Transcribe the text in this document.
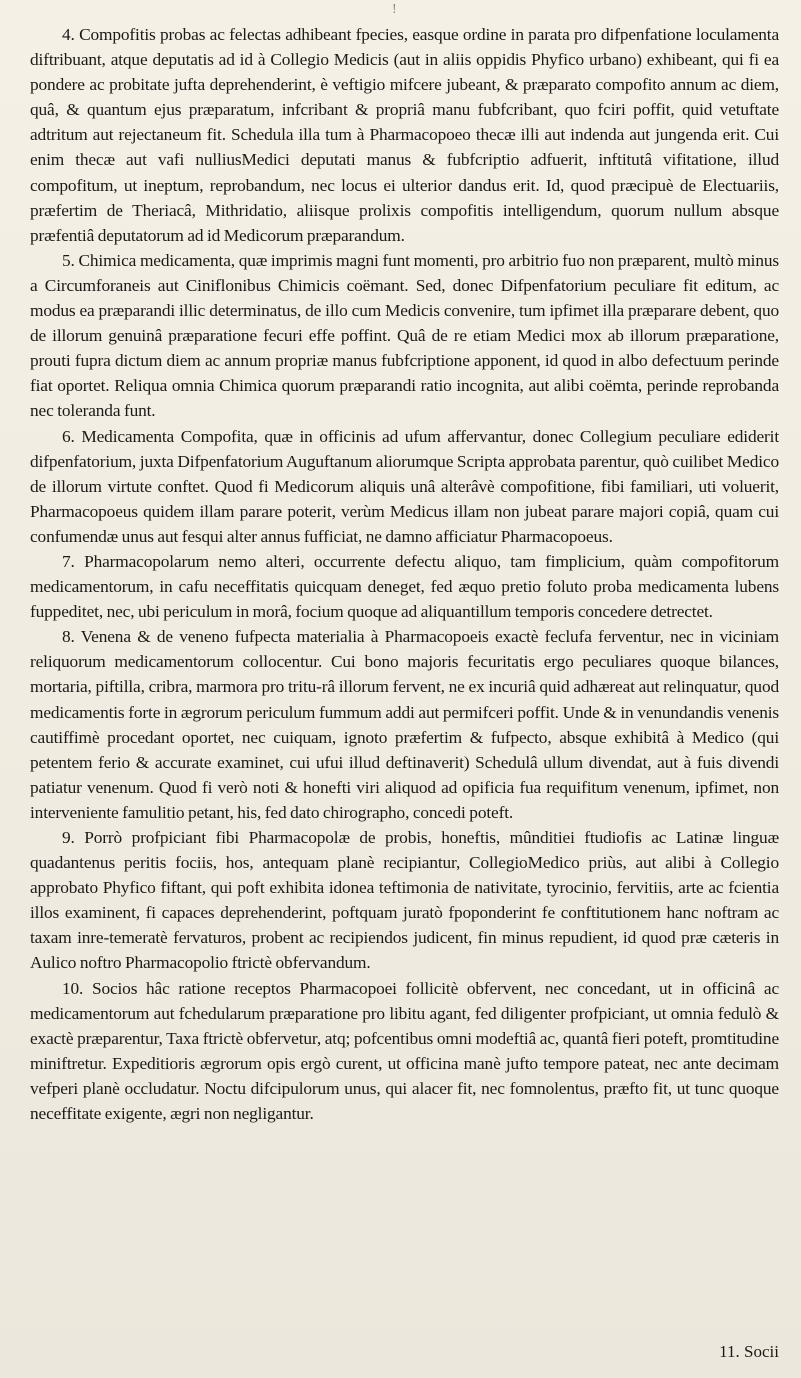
!

4. Compofitis probas ac felectas adhibeant fpecies, easque ordine in parata pro difpenfatione loculamenta diftribuant, atque deputatis ad id à Collegio Medicis (aut in aliis oppidis Phyfico urbano) exhibeant, qui fi ea pondere ac probitate jufta deprehenderint, è veftigio mifcere jubeant, & præparato compofito annum ac diem, quâ, & quantum ejus præparatum, infcribant & propriâ manu fubfcribant, quo fciri poffit, quid vetuftate adtritum aut rejectaneum fit. Schedula illa tum à Pharmacopoeo thecæ illi aut indenda aut jungenda erit. Cui enim thecæ aut vafi nulliusMedici deputati manus & fubfcriptio adfuerit, inftitutâ vifitatione, illud compofitum, ut ineptum, reprobandum, nec locus ei ulterior dandus erit. Id, quod præcipuè de Electuariis, præfertim de Theriacâ, Mithridatio, aliisque prolixis compofitis intelligendum, quorum nullum absque præfentiâ deputatorum ad id Medicorum præparandum.

5. Chimica medicamenta, quæ imprimis magni funt momenti, pro arbitrio fuo non præparent, multò minus a Circumforaneis aut Ciniflonibus Chimicis coëmant. Sed, donec Difpenfatorium peculiare fit editum, ac modus ea præparandi illic determinatus, de illo cum Medicis convenire, tum ipfimet illa præparare debent, quo de illorum genuinâ præparatione fecuri effe poffint. Quâ de re etiam Medici mox ab illorum præparatione, prouti fupra dictum diem ac annum propriæ manus fubfcriptione apponent, id quod in albo defectuum perinde fiat oportet. Reliqua omnia Chimica quorum præparandi ratio incognita, aut alibi coëmta, perinde reprobanda nec toleranda funt.

6. Medicamenta Compofita, quæ in officinis ad ufum affervantur, donec Collegium peculiare ediderit difpenfatorium, juxta Difpenfatorium Auguftanum aliorumque Scripta approbata parentur, quò cuilibet Medico de illorum virtute conftet. Quod fi Medicorum aliquis unâ alterâvè compofitione, fibi familiari, uti voluerit, Pharmacopoeus quidem illam parare poterit, verùm Medicus illam non jubeat parare majori copiâ, quam cui confumendæ unus aut fesqui alter annus fufficiat, ne damno afficiatur Pharmacopoeus.

7. Pharmacopolarum nemo alteri, occurrente defectu aliquo, tam fimplicium, quàm compofitorum medicamentorum, in cafu neceffitatis quicquam deneget, fed æquo pretio foluto proba medicamenta lubens fuppeditet, nec, ubi periculum in morâ, focium quoque ad aliquantillum temporis concedere detrectet.

8. Venena & de veneno fufpecta materialia à Pharmacopoeis exactè feclufa ferventur, nec in viciniam reliquorum medicamentorum collocentur. Cui bono majoris fecuritatis ergo peculiares quoque bilances, mortaria, piftilla, cribra, marmora pro tritu-râ illorum fervent, ne ex incuriâ quid adhæreat aut relinquatur, quod medicamentis forte in ægrorum periculum fummum addi aut permifceri poffit. Unde & in venundandis venenis cautiffimè procedant oportet, nec cuiquam, ignoto præfertim & fufpecto, absque exhibitâ à Medico (qui petentem ferio & accurate examinet, cui ufui illud deftinaverit) Schedulâ ullum divendat, aut à fuis divendi patiatur venenum. Quod fi verò noti & honefti viri aliquod ad opificia fua requifitum venenum, ipfimet, non interveniente famulitio petant, his, fed dato chirographo, concedi poteft.

9. Porrò profpiciant fibi Pharmacopolæ de probis, honeftis, mûnditiei ftudiofis ac Latinæ linguæ quadantenus peritis fociis, hos, antequam planè recipiantur, CollegioMedico priùs, aut alibi à Collegio approbato Phyfico fiftant, qui poft exhibita idonea teftimonia de nativitate, tyrocinio, fervitiis, arte ac fcientia illos examinent, fi capaces deprehenderint, poftquam juratò fpoponderint fe conftitutionem hanc noftram ac taxam inre-temeratè fervaturos, probent ac recipiendos judicent, fin minus repudient, id quod præ cæteris in Aulico noftro Pharmacopolio ftrictè obfervandum.

10. Socios hâc ratione receptos Pharmacopoei follicitè obfervent, nec concedant, ut in officinâ ac medicamentorum aut fchedularum præparatione pro libitu agant, fed diligenter profpiciant, ut omnia fedulò & exactè præparentur, Taxa ftrictè obfervetur, atq; pofcentibus omni modeftiâ ac, quantâ fieri poteft, promtitudine miniftretur. Expeditioris ægrorum opis ergò curent, ut officina manè jufto tempore pateat, nec ante decimam vefperi planè occludatur. Noctu difcipulorum unus, qui alacer fit, nec fomnolentus, præfto fit, ut tunc quoque neceffitate exigente, ægri non negligantur.

11. Socii
